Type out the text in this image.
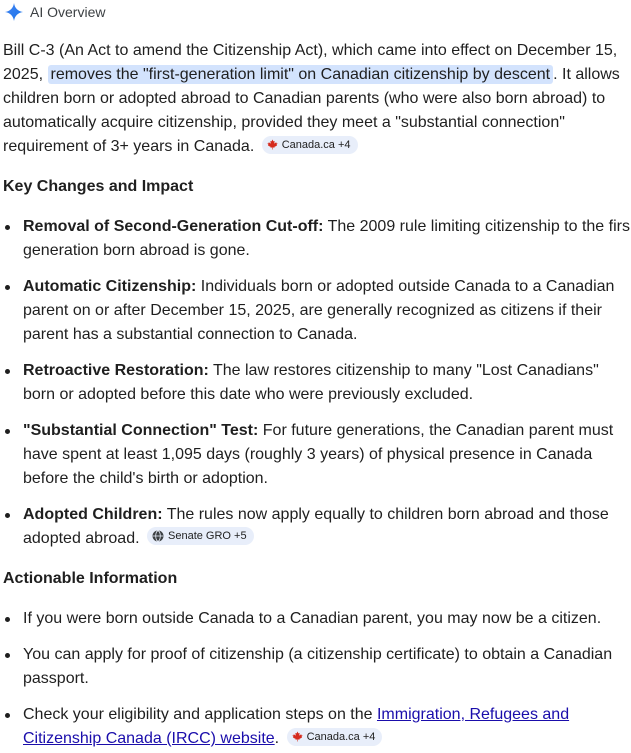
AI Overview
Bill C-3 (An Act to amend the Citizenship Act), which came into effect on December 15,
2025, removes the "first-generation limit" on Canadian citizenship by descent . It allows
children born or adopted abroad to Canadian parents (who were also born abroad) to
automatically acquire citizenship, provided they meet a "substantial connection"
requirement of 3+ years in Canada. Canada.ca +4
Key Changes and Impact
Removal of Second-Generation Cut-off: The 2009 rule limiting citizenship to the firs
generation born abroad is gone.
Automatic Citizenship: Individuals born or adopted outside Canada to a Canadian
parent on or after December 15, 2025, are generally recognized as citizens if their
parent has a substantial connection to Canada.
Retroactive Restoration: The law restores citizenship to many "Lost Canadians"
born or adopted before this date who were previously excluded.
"Substantial Connection" Test: For future generations, the Canadian parent must
have spent at least 1,095 days (roughly 3 years) of physical presence in Canada
before the child's birth or adoption.
Adopted Children: The rules now apply equally to children born abroad and those
adopted abroad.	Senate GRO +5
Actionable Information
If you were born outside Canada to a Canadian parent, you may now be a citizen.
You can apply for proof of citizenship (a citizenship certificate) to obtain a Canadian
passport.
Check your eligibility and application steps on the Immigration, Refugees and
Citizenship Canada (IRCC) website. Canada.ca +4
